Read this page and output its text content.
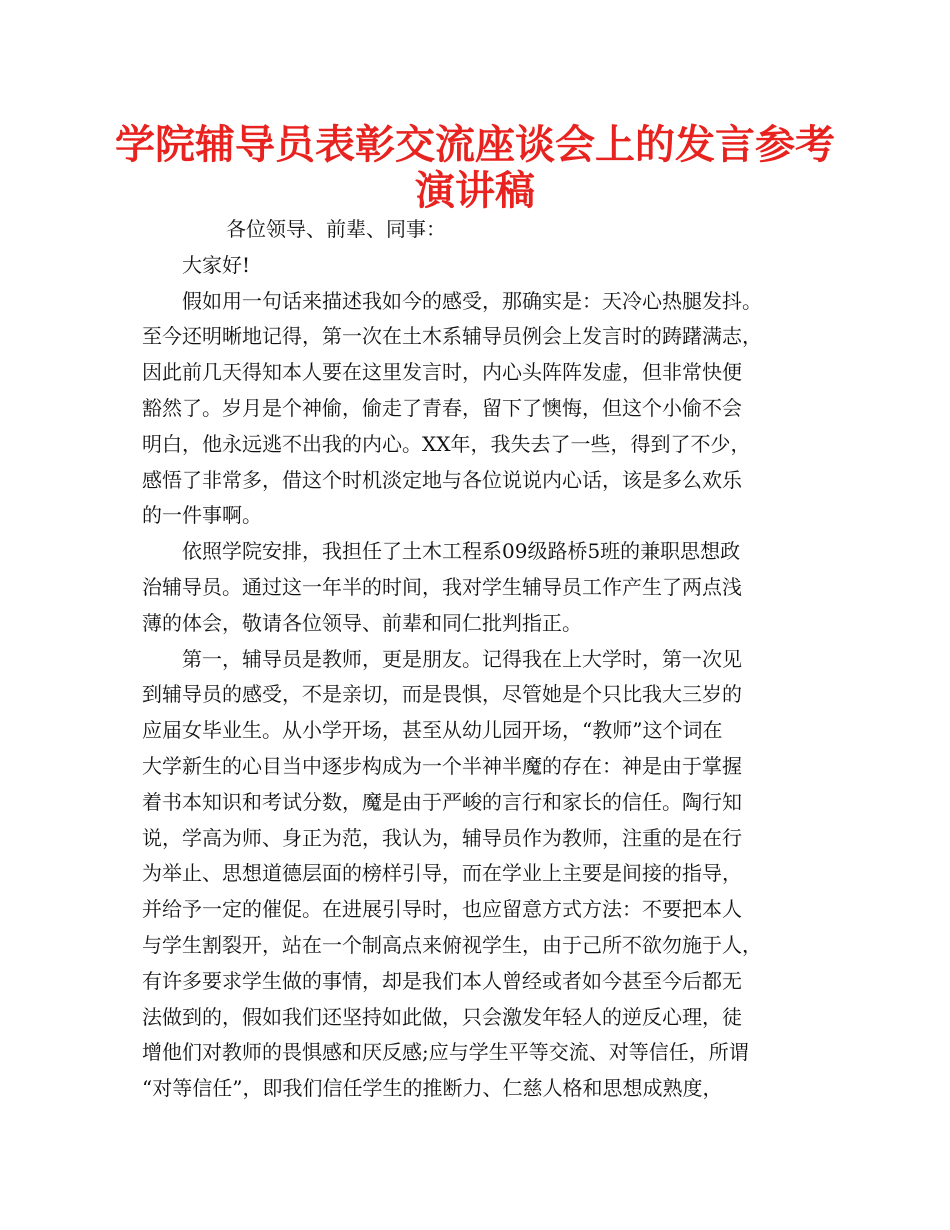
学院辅导员表彰交流座谈会上的发言参考
演讲稿
各位领导、前辈、同事：
大家好!
假如用一句话来描述我如今的感受，那确实是：天冷心热腿发抖。
至今还明晰地记得，第一次在土木系辅导员例会上发言时的踌躇满志，
因此前几天得知本人要在这里发言时，内心头阵阵发虚，但非常快便
豁然了。岁月是个神偷，偷走了青春，留下了懊悔，但这个小偷不会
明白，他永远逃不出我的内心。XX年，我失去了一些，得到了不少，
感悟了非常多，借这个时机淡定地与各位说说内心话，该是多么欢乐
的一件事啊。
依照学院安排，我担任了土木工程系09级路桥5班的兼职思想政
治辅导员。通过这一年半的时间，我对学生辅导员工作产生了两点浅
薄的体会，敬请各位领导、前辈和同仁批判指正。
第一，辅导员是教师，更是朋友。记得我在上大学时，第一次见
到辅导员的感受，不是亲切，而是畏惧，尽管她是个只比我大三岁的
应届女毕业生。从小学开场，甚至从幼儿园开场，“教师”这个词在
大学新生的心目当中逐步构成为一个半神半魔的存在：神是由于掌握
着书本知识和考试分数，魔是由于严峻的言行和家长的信任。陶行知
说，学高为师、身正为范，我认为，辅导员作为教师，注重的是在行
为举止、思想道德层面的榜样引导，而在学业上主要是间接的指导，
并给予一定的催促。在进展引导时，也应留意方式方法：不要把本人
与学生割裂开，站在一个制高点来俯视学生，由于己所不欲勿施于人，
有许多要求学生做的事情，却是我们本人曾经或者如今甚至今后都无
法做到的，假如我们还坚持如此做，只会激发年轻人的逆反心理，徒
增他们对教师的畏惧感和厌反感;应与学生平等交流、对等信任，所谓
“对等信任”，即我们信任学生的推断力、仁慈人格和思想成熟度，
